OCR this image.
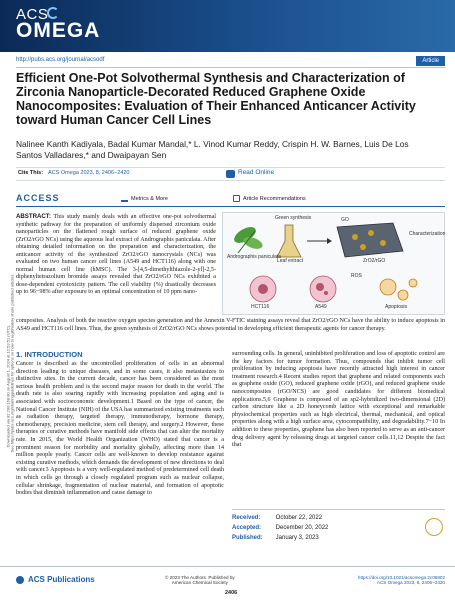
ACS
OMEGA
http://pubs.acs.org/journal/acsodf	Article
Downloaded via 82.200.168.80 on August 1, 2024 at 12:53:51 (UTC). See https://pubs.acs.org/sharingguidelines for options on how to legitimately share published articles.
Efficient One-Pot Solvothermal Synthesis and Characterization of Zirconia Nanoparticle-Decorated Reduced Graphene Oxide Nanocomposites: Evaluation of Their Enhanced Anticancer Activity toward Human Cancer Cell Lines
Nalinee Kanth Kadiyala, Badal Kumar Mandal,* L. Vinod Kumar Reddy, Crispin H. W. Barnes, Luis De Los Santos Valladares,* and Dwaipayan Sen
Cite This: ACS Omega 2023, 8, 2406−2420	Read Online
ACCESS	Metrics & More	Article Recommendations
ABSTRACT: This study mainly deals with an effective one-pot solvothermal synthetic pathway for the preparation of uniformly dispersed zirconium oxide nanoparticles on the flattened rough surface of reduced graphene oxide (ZrO2/rGO NCs) using the aqueous leaf extract of Andrographis paniculata. After obtaining detailed information on the preparation and characterization, the anticancer activity of the synthesized ZrO2/rGO nanocrystals (NCs) was evaluated on two human cancer cell lines (A549 and HCT116) along with one normal human cell line (hMSC). The 3-[4,5-dimethylthiazole-2-yl]-2,5-diphenyltetrazolium bromide assays revealed that ZrO2/rGO NCs exhibited a dose-dependent cytotoxicity pattern. The cell viability (%) drastically decreases up to 96−98% after exposure to an optimal concentration of 10 ppm nano-
Andrographis paniculata
Green synthesis
Leaf extract
GO
ZrO2/rGO
Characterization
HCT116	A549
ROS
Apoptosis
composites. Analysis of both the reactive oxygen species generation and the Annexin V-FTIC staining assays reveal that ZrO2/rGO NCs have the ability to induce apoptosis in AS49 and HCT116 cell lines. Thus, the green synthesis of ZrO2/rGO NCs shows potential in developing efficient therapeutic agents for cancer therapy.
1. INTRODUCTION
Cancer is described as the uncontrolled proliferation of cells in an abnormal direction leading to unique diseases, and in some cases, it also metastasizes to distinctive sites. In the current decade, cancer has been considered as the most serious health problem and is the second major reason for death in the world. The death rate is also soaring rapidly with increasing population and aging and is associated with socioeconomic development.1 Based on the type of cancer, the National Cancer Institute (NIH) of the USA has summarized existing treatments such as radiation therapy, targeted therapy, immunotherapy, hormone therapy, chemotherapy, precision medicine, stem cell therapy, and surgery.2 However, these therapies or curative methods have manifold side effects that can alter the mortality rate. In 2015, the World Health Organization (WHO) stated that cancer is a prominent reason for morbidity and mortality globally, affecting more than 14 million people yearly. Cancer cells are well-known to develop resistance against existing curative methods, which demands the development of new directions to deal with cancer.3 Apoptosis is a very well-regulated method of predetermined cell death in which cells go through a closely regulated program such as nuclear collapse, cellular shrinkage, fragmentation of nuclear material, and formation of apoptotic bodies that diminish inflammation and cause damage to
surrounding cells. In general, uninhibited proliferation and loss of apoptotic control are the key factors for tumor formation. Thus, compounds that inhibit tumor cell proliferation by inducing apoptosis have recently attracted high interest in cancer treatment research.4 Recent studies report that graphene and related components such as graphene oxide (GO), reduced graphene oxide (rGO), and reduced graphene oxide nanocomposites (rGO/NCS) are good candidates for different biomedical applications.5,6 Graphene is composed of an sp2-hybridized two-dimensional (2D) carbon structure like a 2D honeycomb lattice with exceptional and remarkable physiochemical properties such as high electrical, thermal, mechanical, and optical properties along with a high surface area, cytocompatibility, and degradability.7−10 In addition to these properties, graphene has also been reported to serve as an anti-cancer drug delivery agent by releasing drugs at targeted cancer cells.11,12 Despite the fact that
Received:	October 22, 2022
Accepted: December 20, 2022
Published: January 3, 2023
ACS Publications	© 2023 The Authors. Published by
American Chemical Society
2406
https://doi.org/10.1021/acsomega.2c06802
ACS Omega 2023, 8, 2406−2420
